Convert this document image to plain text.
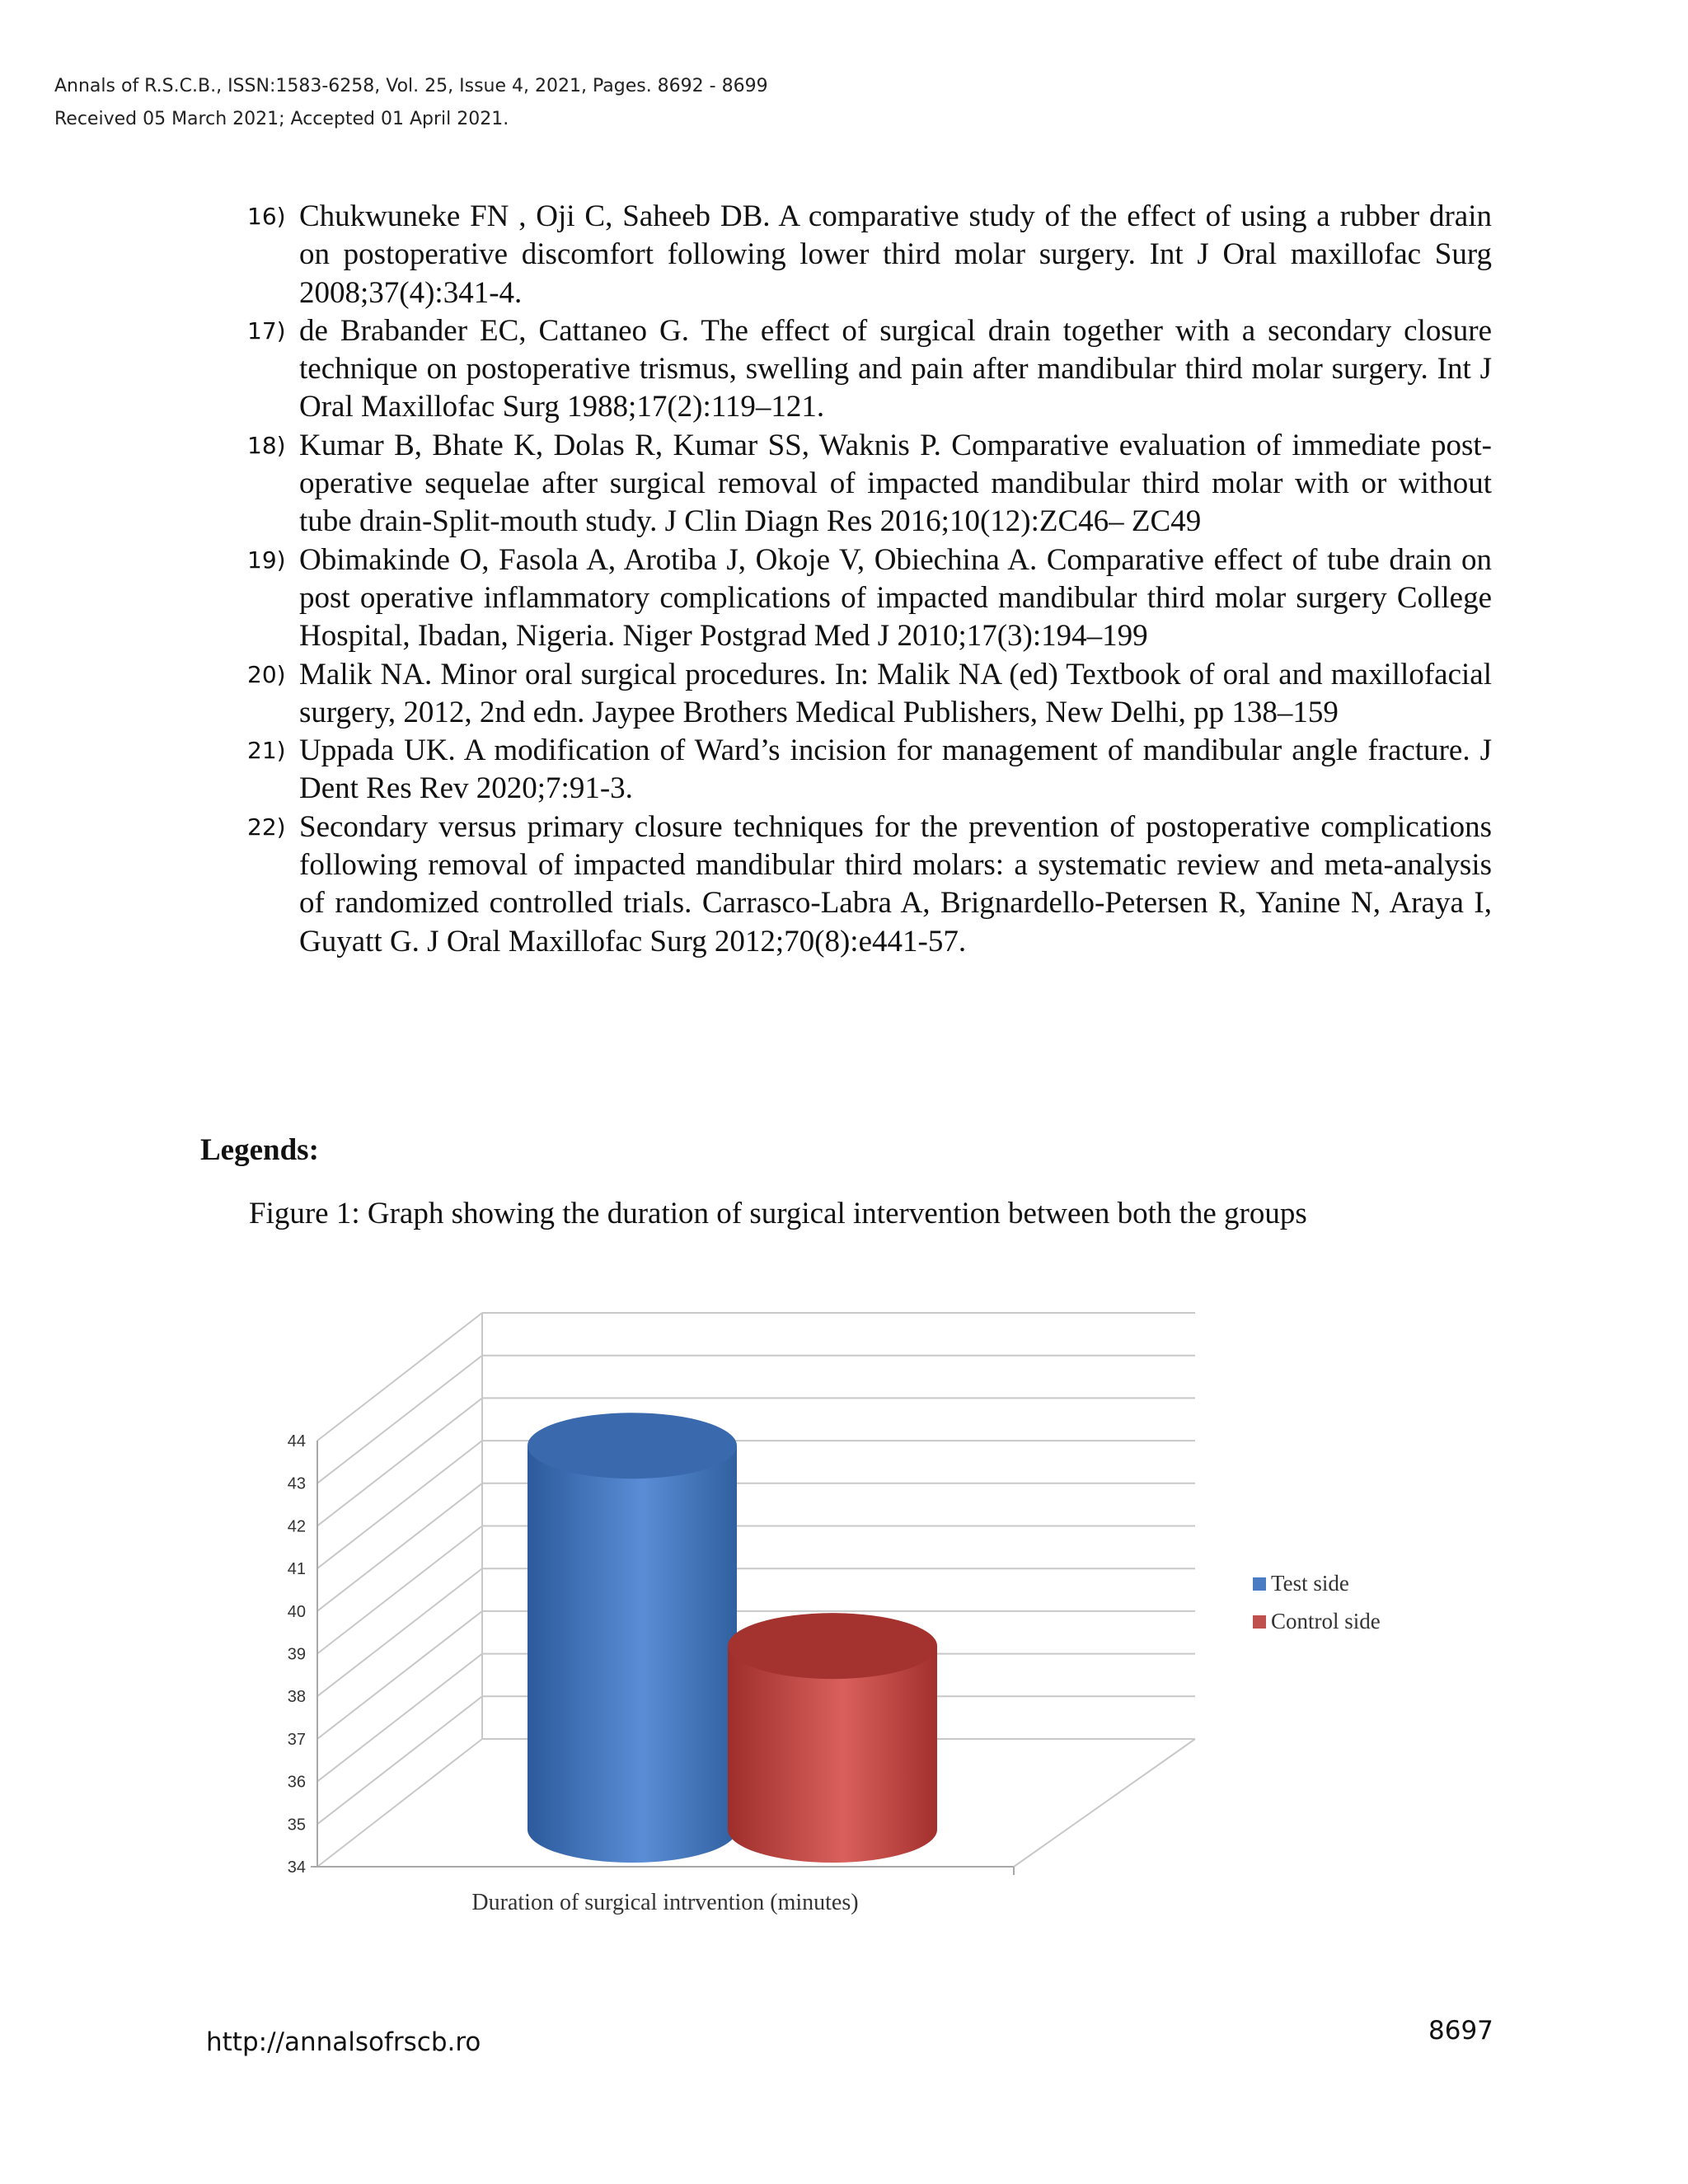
Annals of R.S.C.B., ISSN:1583-6258, Vol. 25, Issue 4, 2021, Pages. 8692 - 8699
Received 05 March 2021; Accepted 01 April 2021.
16) Chukwuneke FN , Oji C, Saheeb DB. A comparative study of the effect of using a rubber drain on postoperative discomfort following lower third molar surgery. Int J Oral maxillofac Surg 2008;37(4):341-4.
17) de Brabander EC, Cattaneo G. The effect of surgical drain together with a secondary closure technique on postoperative trismus, swelling and pain after mandibular third molar surgery. Int J Oral Maxillofac Surg 1988;17(2):119–121.
18) Kumar B, Bhate K, Dolas R, Kumar SS, Waknis P. Comparative evaluation of immediate post-operative sequelae after surgical removal of impacted mandibular third molar with or without tube drain-Split-mouth study. J Clin Diagn Res 2016;10(12):ZC46– ZC49
19) Obimakinde O, Fasola A, Arotiba J, Okoje V, Obiechina A. Comparative effect of tube drain on post operative inflammatory complications of impacted mandibular third molar surgery College Hospital, Ibadan, Nigeria. Niger Postgrad Med J 2010;17(3):194–199
20) Malik NA. Minor oral surgical procedures. In: Malik NA (ed) Textbook of oral and maxillofacial surgery, 2012, 2nd edn. Jaypee Brothers Medical Publishers, New Delhi, pp 138–159
21) Uppada UK. A modification of Ward’s incision for management of mandibular angle fracture. J Dent Res Rev 2020;7:91-3.
22) Secondary versus primary closure techniques for the prevention of postoperative complications following removal of impacted mandibular third molars: a systematic review and meta-analysis of randomized controlled trials. Carrasco-Labra A, Brignardello-Petersen R, Yanine N, Araya I, Guyatt G. J Oral Maxillofac Surg 2012;70(8):e441-57.
Legends:
Figure 1: Graph showing the duration of surgical intervention between both the groups
34
35
36
37
38
39
40
41
42
43
44
Duration of surgical intrvention (minutes)
Test side
Control side
http://annalsofrscb.ro	8697
